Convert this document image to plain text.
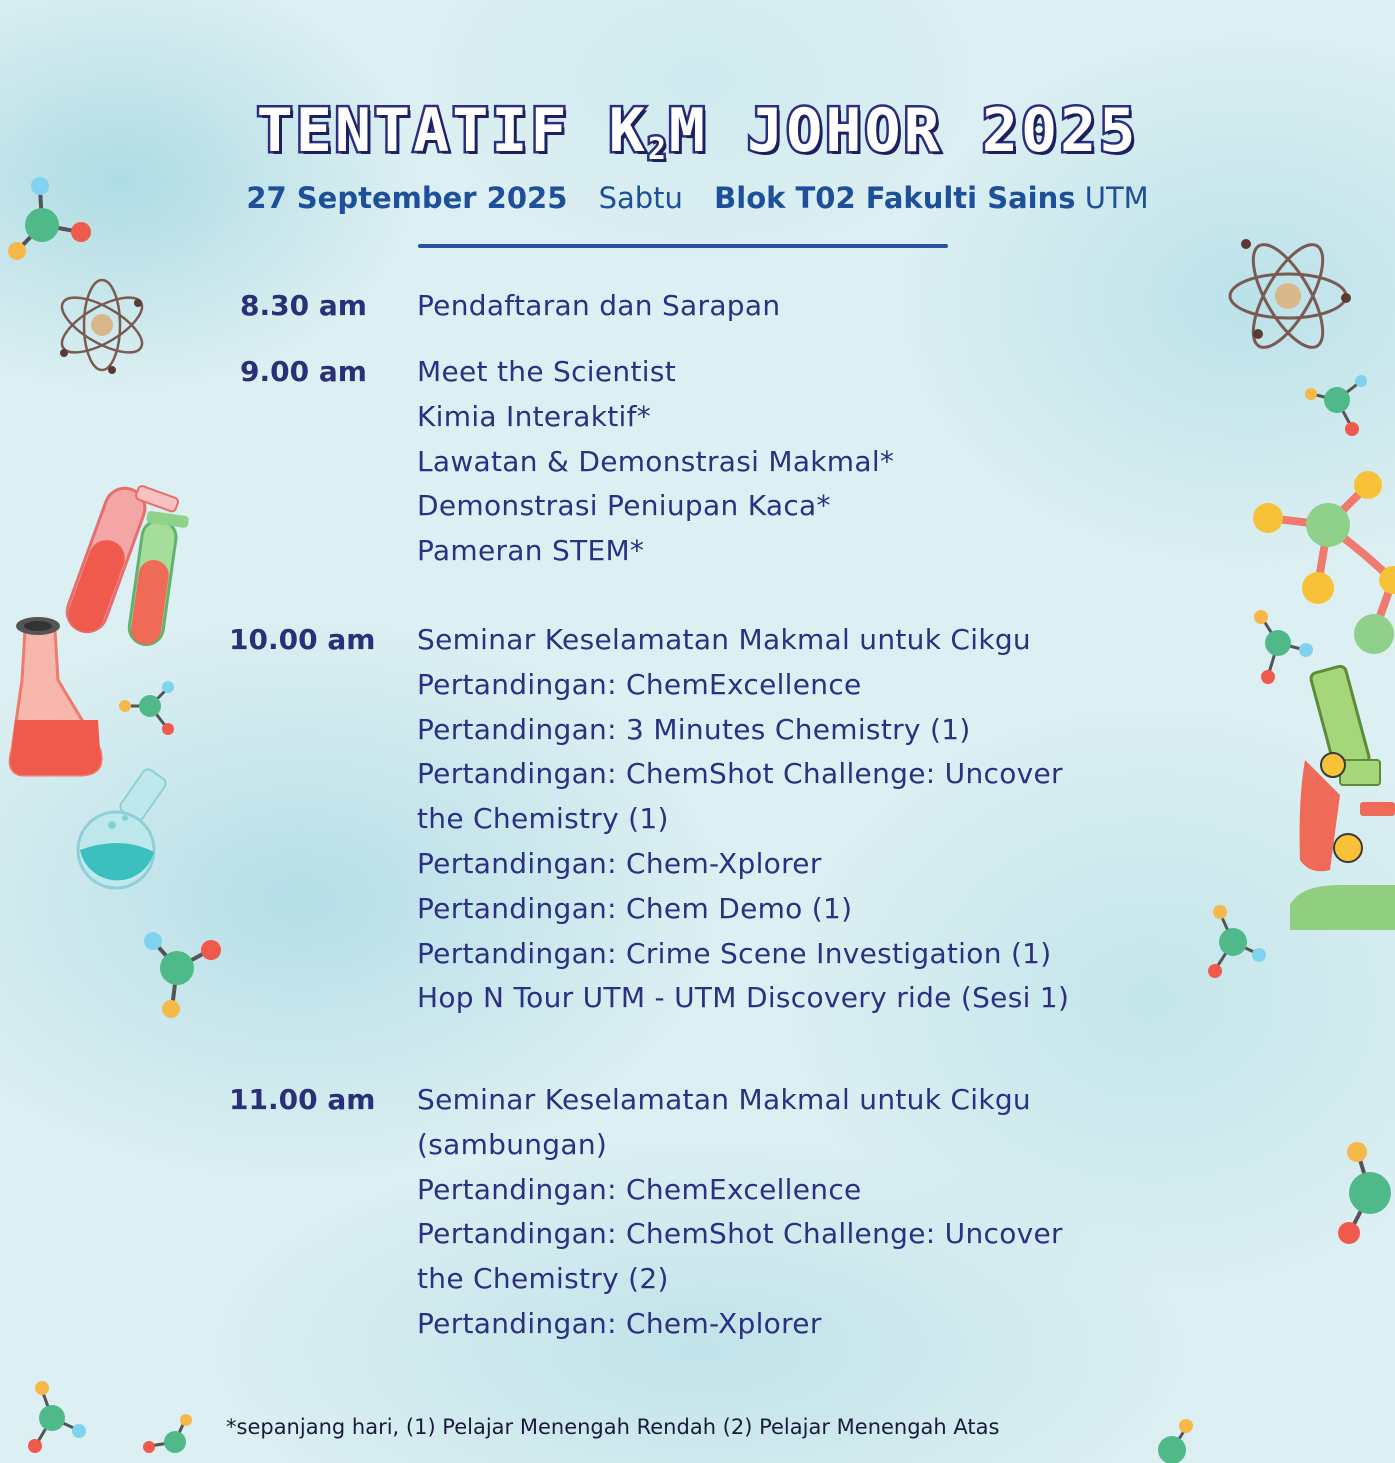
TENTATIF $K_2M$ JOHOR 2025
27 September 2025 Sabtu Blok T02 Fakulti Sains UTM
8.30 am Pendaftaran dan Sarapan
9.00 am Meet the Scientist
Kimia Interaktif*
Lawatan & Demonstrasi Makmal*
Demonstrasi Peniupan Kaca*
Pameran STEM*
10.00 am Seminar Keselamatan Makmal untuk Cikgu
Pertandingan: ChemExcellence
Pertandingan: 3 Minutes Chemistry (1)
Pertandingan: ChemShot Challenge: Uncover
the Chemistry (1)
Pertandingan: Chem-Xplorer
Pertandingan: Chem Demo (1)
Pertandingan: Crime Scene Investigation (1)
Hop N Tour UTM - UTM Discovery ride (Sesi 1)
11.00 am Seminar Keselamatan Makmal untuk Cikgu
(sambungan)
Pertandingan: ChemExcellence
Pertandingan: ChemShot Challenge: Uncover
the Chemistry (2)
Pertandingan: Chem-Xplorer
*sepanjang hari, (1) Pelajar Menengah Rendah (2) Pelajar Menengah Atas
